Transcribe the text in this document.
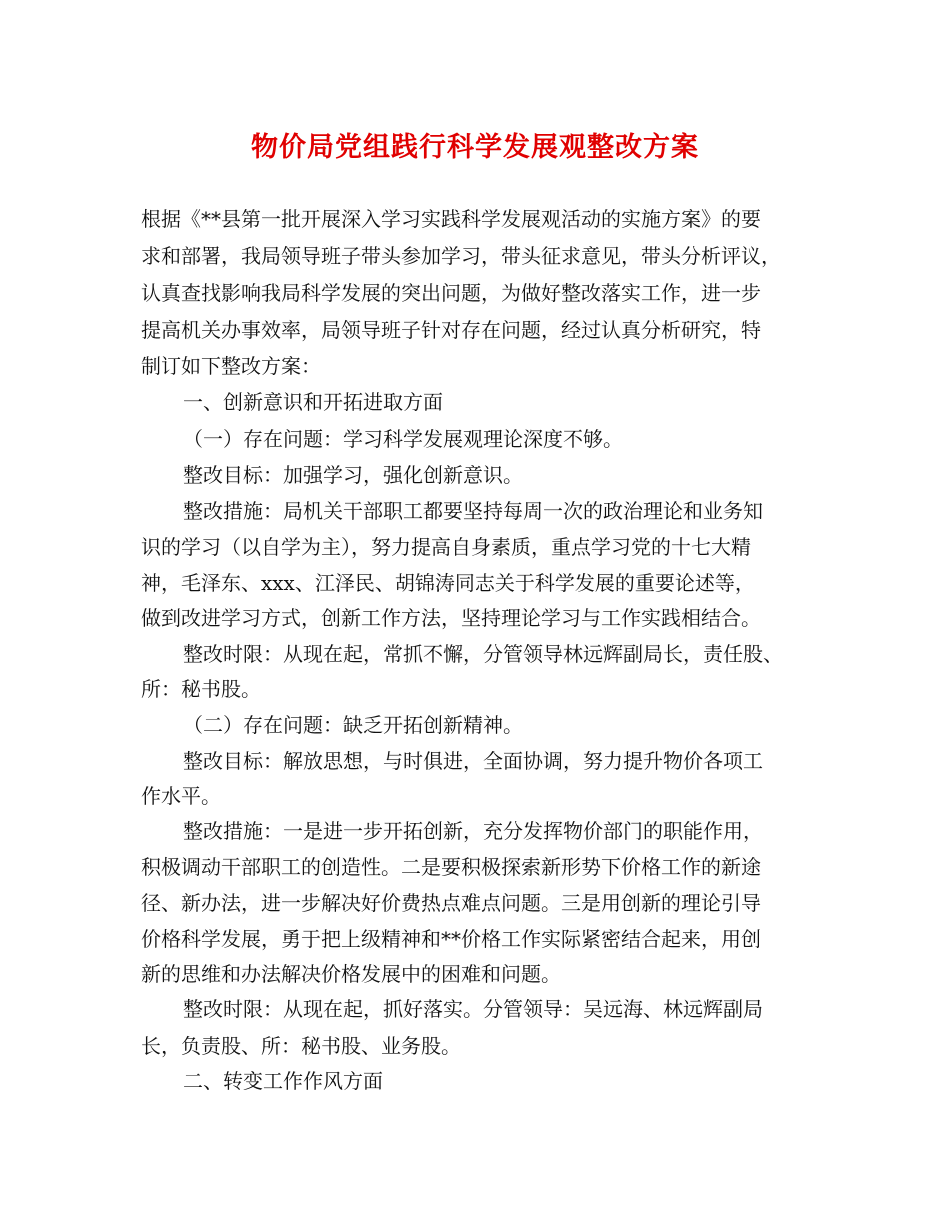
物价局党组践行科学发展观整改方案
根据《**县第一批开展深入学习实践科学发展观活动的实施方案》的要
求和部署，我局领导班子带头参加学习，带头征求意见，带头分析评议，
认真查找影响我局科学发展的突出问题，为做好整改落实工作，进一步
提高机关办事效率，局领导班子针对存在问题，经过认真分析研究，特
制订如下整改方案：
一、创新意识和开拓进取方面
（一）存在问题：学习科学发展观理论深度不够。
整改目标：加强学习，强化创新意识。
整改措施：局机关干部职工都要坚持每周一次的政治理论和业务知
识的学习（以自学为主），努力提高自身素质，重点学习党的十七大精
神，毛泽东、xxx、江泽民、胡锦涛同志关于科学发展的重要论述等，
做到改进学习方式，创新工作方法，坚持理论学习与工作实践相结合。
整改时限：从现在起，常抓不懈，分管领导林远辉副局长，责任股、
所：秘书股。
（二）存在问题：缺乏开拓创新精神。
整改目标：解放思想，与时俱进，全面协调，努力提升物价各项工
作水平。
整改措施：一是进一步开拓创新，充分发挥物价部门的职能作用，
积极调动干部职工的创造性。二是要积极探索新形势下价格工作的新途
径、新办法，进一步解决好价费热点难点问题。三是用创新的理论引导
价格科学发展，勇于把上级精神和**价格工作实际紧密结合起来，用创
新的思维和办法解决价格发展中的困难和问题。
整改时限：从现在起，抓好落实。分管领导：吴远海、林远辉副局
长，负责股、所：秘书股、业务股。
二、转变工作作风方面
